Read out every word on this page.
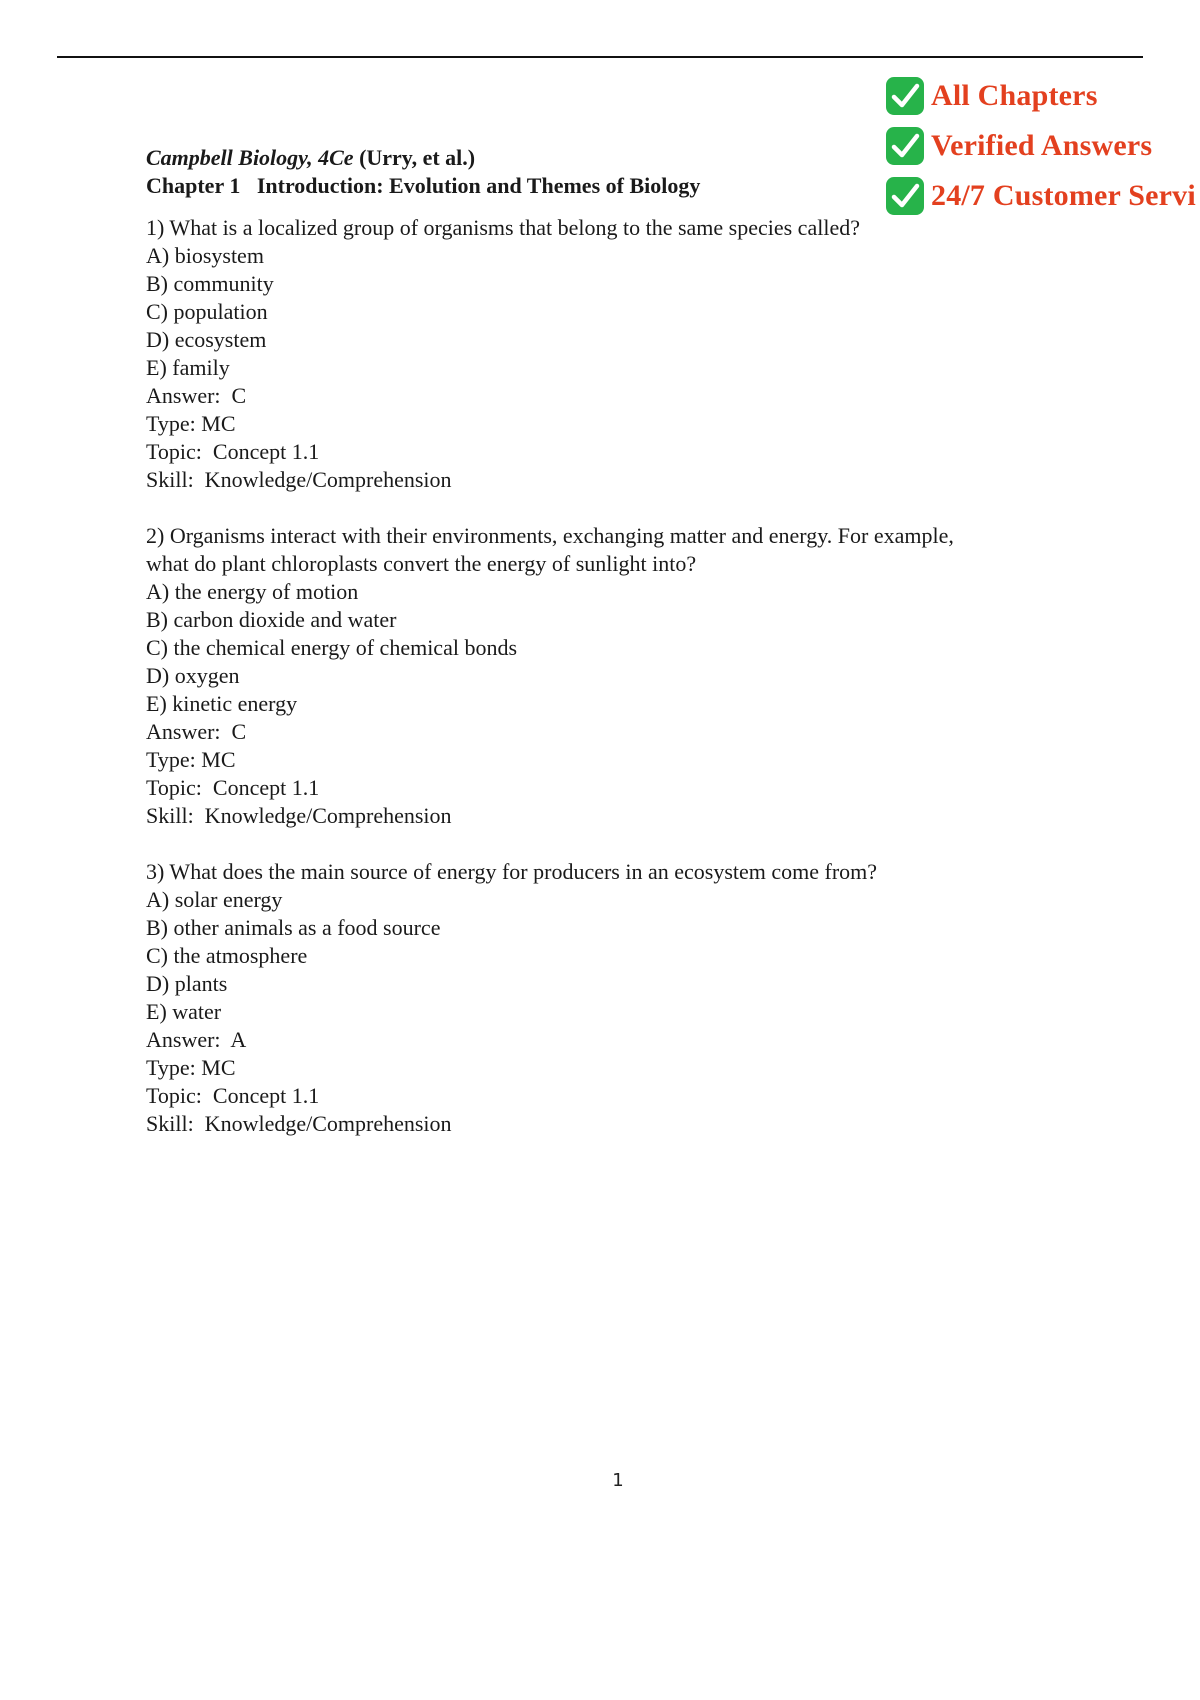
All Chapters
Verified Answers
24/7 Customer Servi
Campbell Biology, 4Ce (Urry, et al.)
Chapter 1   Introduction: Evolution and Themes of Biology
1) What is a localized group of organisms that belong to the same species called?
A) biosystem
B) community
C) population
D) ecosystem
E) family
Answer:  C
Type: MC
Topic:  Concept 1.1
Skill:  Knowledge/Comprehension
2) Organisms interact with their environments, exchanging matter and energy. For example,
what do plant chloroplasts convert the energy of sunlight into?
A) the energy of motion
B) carbon dioxide and water
C) the chemical energy of chemical bonds
D) oxygen
E) kinetic energy
Answer:  C
Type: MC
Topic:  Concept 1.1
Skill:  Knowledge/Comprehension
3) What does the main source of energy for producers in an ecosystem come from?
A) solar energy
B) other animals as a food source
C) the atmosphere
D) plants
E) water
Answer:  A
Type: MC
Topic:  Concept 1.1
Skill:  Knowledge/Comprehension
1
